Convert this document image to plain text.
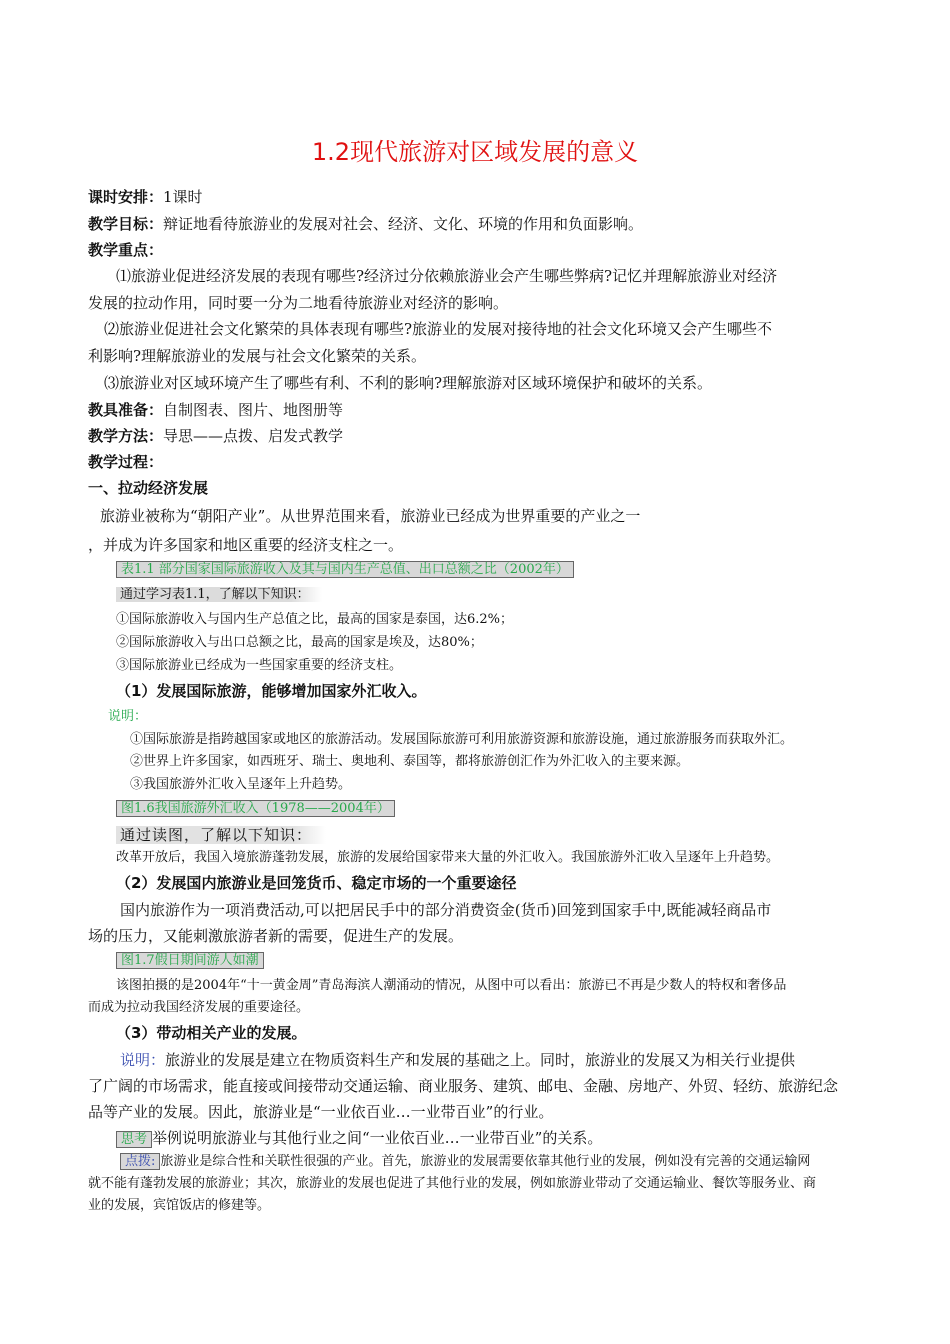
1.2现代旅游对区域发展的意义
课时安排：1课时
教学目标：辩证地看待旅游业的发展对社会、经济、文化、环境的作用和负面影响。
教学重点：
⑴旅游业促进经济发展的表现有哪些?经济过分依赖旅游业会产生哪些弊病?记忆并理解旅游业对经济
发展的拉动作用，同时要一分为二地看待旅游业对经济的影响。
⑵旅游业促进社会文化繁荣的具体表现有哪些?旅游业的发展对接待地的社会文化环境又会产生哪些不
利影响?理解旅游业的发展与社会文化繁荣的关系。
⑶旅游业对区域环境产生了哪些有利、不利的影响?理解旅游对区域环境保护和破坏的关系。
教具准备：自制图表、图片、地图册等
教学方法：导思——点拨、启发式教学
教学过程：
一、拉动经济发展
旅游业被称为“朝阳产业”。从世界范围来看，旅游业已经成为世界重要的产业之一
，并成为许多国家和地区重要的经济支柱之一。
表1.1 部分国家国际旅游收入及其与国内生产总值、出口总额之比（2002年）
通过学习表1.1，了解以下知识：
①国际旅游收入与国内生产总值之比，最高的国家是泰国，达6.2%；
②国际旅游收入与出口总额之比，最高的国家是埃及，达80%；
③国际旅游业已经成为一些国家重要的经济支柱。
（1）发展国际旅游，能够增加国家外汇收入。
说明：
①国际旅游是指跨越国家或地区的旅游活动。发展国际旅游可利用旅游资源和旅游设施，通过旅游服务而获取外汇。
②世界上许多国家，如西班牙、瑞士、奥地利、泰国等，都将旅游创汇作为外汇收入的主要来源。
③我国旅游外汇收入呈逐年上升趋势。
图1.6我国旅游外汇收入（1978——2004年）
通过读图，了解以下知识：
改革开放后，我国入境旅游蓬勃发展，旅游的发展给国家带来大量的外汇收入。我国旅游外汇收入呈逐年上升趋势。
（2）发展国内旅游业是回笼货币、稳定市场的一个重要途径
国内旅游作为一项消费活动,可以把居民手中的部分消费资金(货币)回笼到国家手中,既能减轻商品市
场的压力，又能刺激旅游者新的需要，促进生产的发展。
图1.7假日期间游人如潮
该图拍摄的是2004年“十一黄金周”青岛海滨人潮涌动的情况，从图中可以看出：旅游已不再是少数人的特权和奢侈品
而成为拉动我国经济发展的重要途径。
（3）带动相关产业的发展。
说明：旅游业的发展是建立在物质资料生产和发展的基础之上。同时，旅游业的发展又为相关行业提供
了广阔的市场需求，能直接或间接带动交通运输、商业服务、建筑、邮电、金融、房地产、外贸、轻纺、旅游纪念
品等产业的发展。因此，旅游业是“一业依百业…一业带百业”的行业。
思考 举例说明旅游业与其他行业之间“一业依百业…一业带百业”的关系。
点拨: 旅游业是综合性和关联性很强的产业。首先，旅游业的发展需要依靠其他行业的发展，例如没有完善的交通运输网
就不能有蓬勃发展的旅游业；其次，旅游业的发展也促进了其他行业的发展，例如旅游业带动了交通运输业、餐饮等服务业、商
业的发展，宾馆饭店的修建等。
